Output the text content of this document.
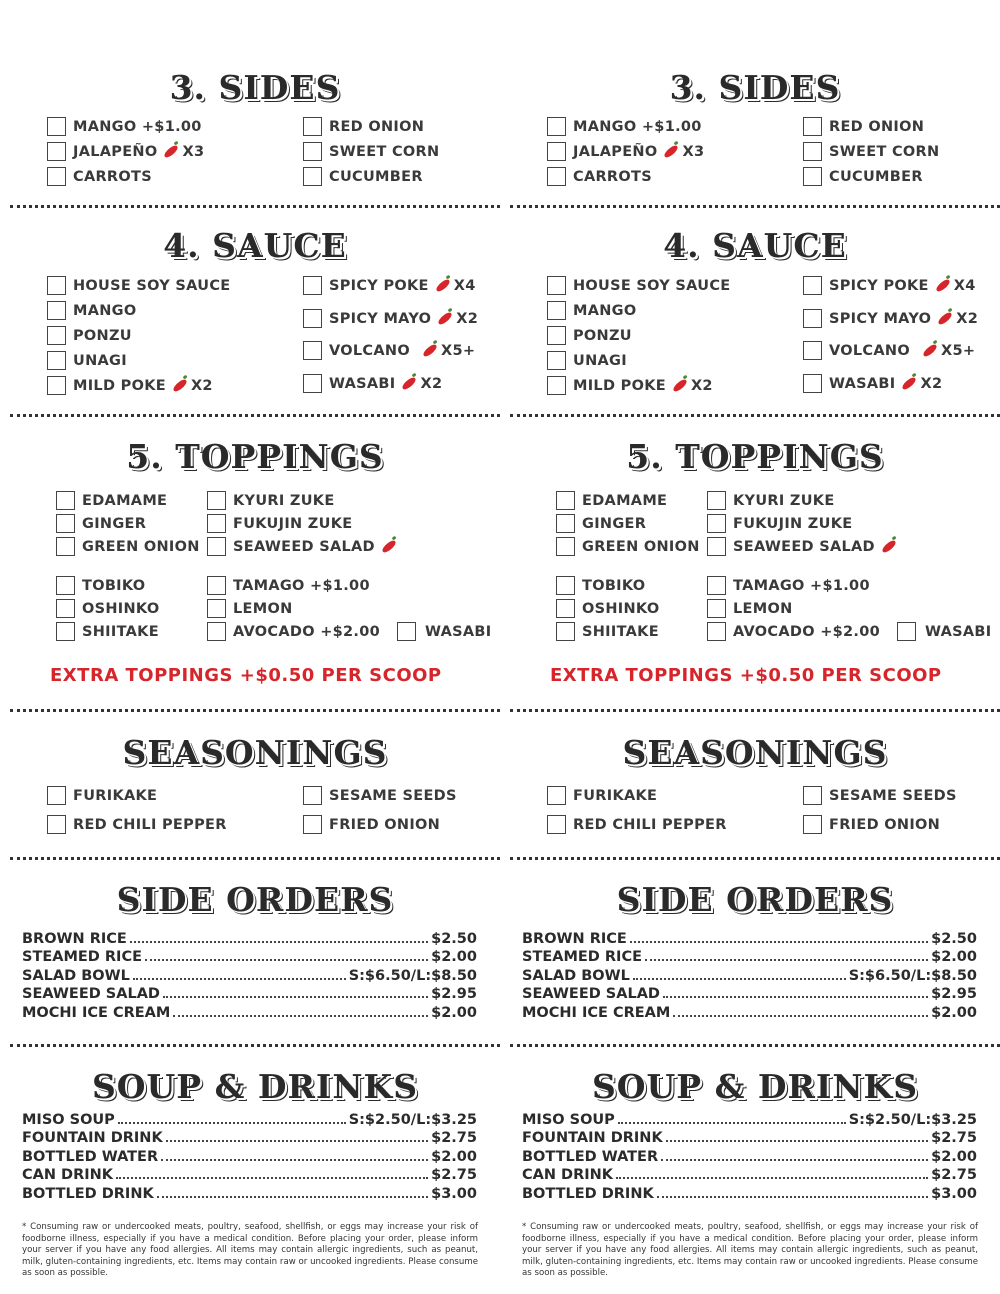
3. SIDES
MANGO +$1.00
JALAPEÑO X3
CARROTS
RED ONION
SWEET CORN
CUCUMBER
4. SAUCE
HOUSE SOY SAUCE
MANGO
PONZU
UNAGI
MILD POKE X2
SPICY POKE X4
SPICY MAYO X2
VOLCANO X5+
WASABI X2
5. TOPPINGS
EDAMAME
GINGER
GREEN ONION
KYURI ZUKE
FUKUJIN ZUKE
SEAWEED SALAD
TOBIKO
OSHINKO
SHIITAKE
TAMAGO +$1.00
LEMON
AVOCADO +$2.00	WASABI
EXTRA TOPPINGS +$0.50 PER SCOOP
SEASONINGS
FURIKAKE
RED CHILI PEPPER
SESAME SEEDS
FRIED ONION
SIDE ORDERS
BROWN RICE	$2.50
STEAMED RICE	$2.00
SALAD BOWL	S:$6.50/L:$8.50
SEAWEED SALAD	$2.95
MOCHI ICE CREAM	$2.00
SOUP & DRINKS
MISO SOUP	S:$2.50/L:$3.25
FOUNTAIN DRINK	$2.75
BOTTLED WATER	$2.00
CAN DRINK	$2.75
BOTTLED DRINK	$3.00
* Consuming raw or undercooked meats, poultry, seafood, shellfish, or eggs may increase your risk of foodborne illness, especially if you have a medical condition. Before placing your order, please inform your server if you have any food allergies. All items may contain allergic ingredients, such as peanut, milk, gluten-containing ingredients, etc. Items may contain raw or uncooked ingredients. Please consume as soon as possible.
3. SIDES
MANGO +$1.00
JALAPEÑO X3
CARROTS
RED ONION
SWEET CORN
CUCUMBER
4. SAUCE
HOUSE SOY SAUCE
MANGO
PONZU
UNAGI
MILD POKE X2
SPICY POKE X4
SPICY MAYO X2
VOLCANO X5+
WASABI X2
5. TOPPINGS
EDAMAME
GINGER
GREEN ONION
KYURI ZUKE
FUKUJIN ZUKE
SEAWEED SALAD
TOBIKO
OSHINKO
SHIITAKE
TAMAGO +$1.00
LEMON
AVOCADO +$2.00	WASABI
EXTRA TOPPINGS +$0.50 PER SCOOP
SEASONINGS
FURIKAKE
RED CHILI PEPPER
SESAME SEEDS
FRIED ONION
SIDE ORDERS
BROWN RICE	$2.50
STEAMED RICE	$2.00
SALAD BOWL	S:$6.50/L:$8.50
SEAWEED SALAD	$2.95
MOCHI ICE CREAM	$2.00
SOUP & DRINKS
MISO SOUP	S:$2.50/L:$3.25
FOUNTAIN DRINK	$2.75
BOTTLED WATER	$2.00
CAN DRINK	$2.75
BOTTLED DRINK	$3.00
* Consuming raw or undercooked meats, poultry, seafood, shellfish, or eggs may increase your risk of foodborne illness, especially if you have a medical condition. Before placing your order, please inform your server if you have any food allergies. All items may contain allergic ingredients, such as peanut, milk, gluten-containing ingredients, etc. Items may contain raw or uncooked ingredients. Please consume as soon as possible.
